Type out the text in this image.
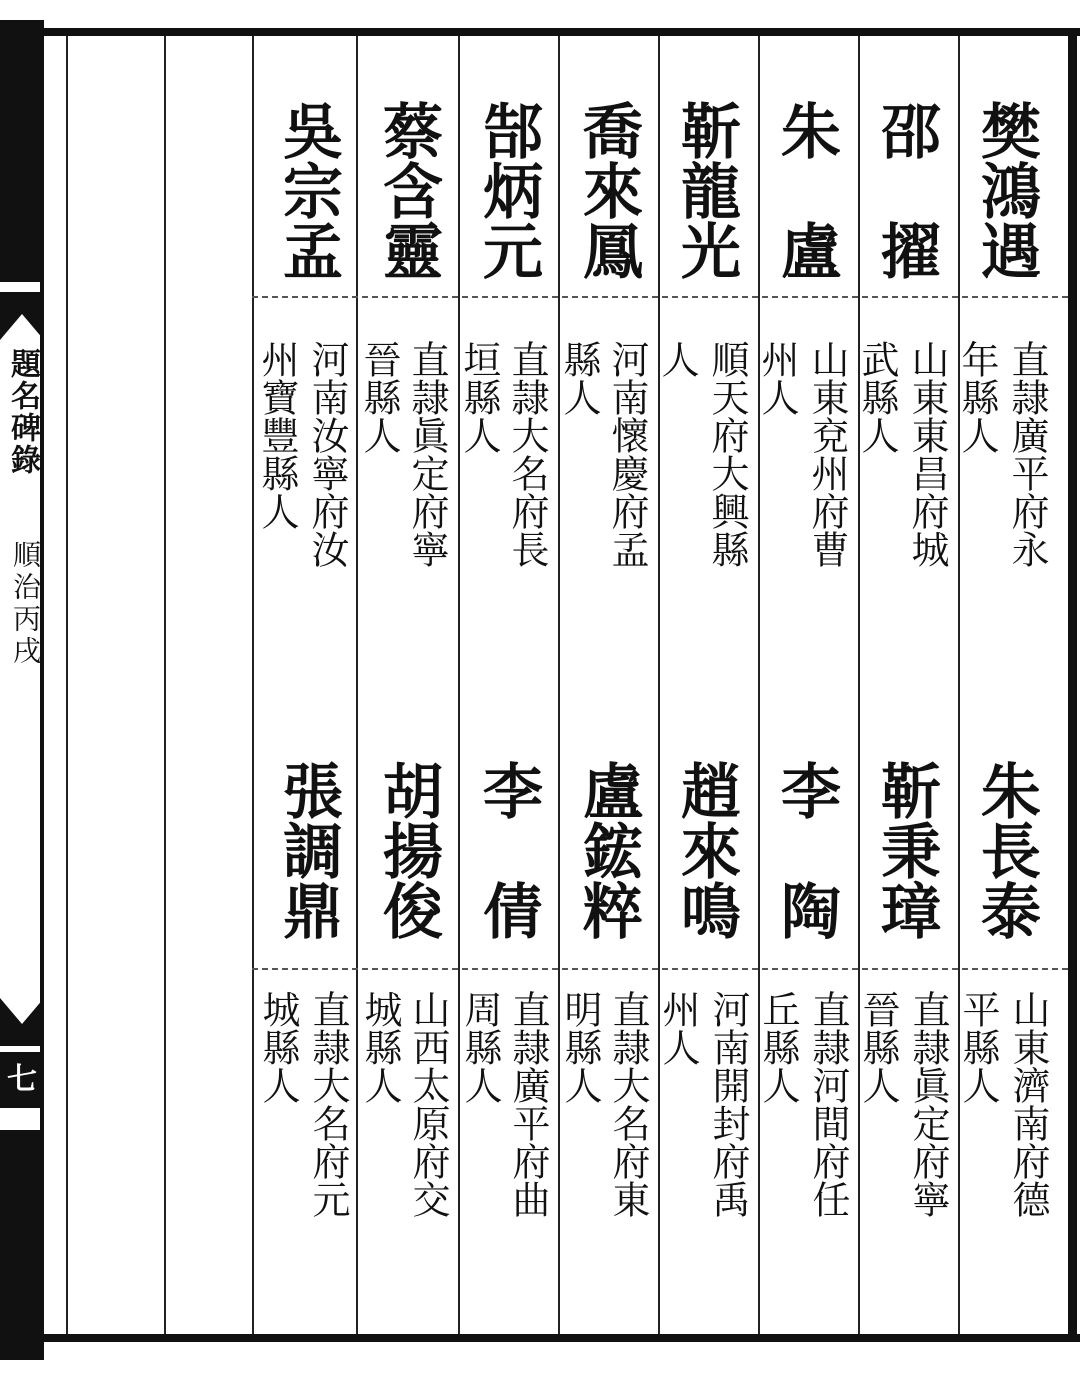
題名碑錄
順治丙戌
七
樊鴻遇
直隷廣平府永
年縣人
邵　擢
山東東昌府城
武縣人
朱　盧
山東兗州府曹
州人
靳龍光
順天府大興縣
人
喬來鳳
河南懷慶府孟
縣人
郜炳元
直隷大名府長
垣縣人
蔡含靈
直隷眞定府寧
晉縣人
吳宗孟
河南汝寧府汝
州寶豐縣人
朱長泰
山東濟南府德
平縣人
靳秉璋
直隷眞定府寧
晉縣人
李　陶
直隷河間府任
丘縣人
趙來鳴
河南開封府禹
州人
盧鋐粹
直隷大名府東
明縣人
李　倩
直隷廣平府曲
周縣人
胡揚俊
山西太原府交
城縣人
張調鼎
直隷大名府元
城縣人
